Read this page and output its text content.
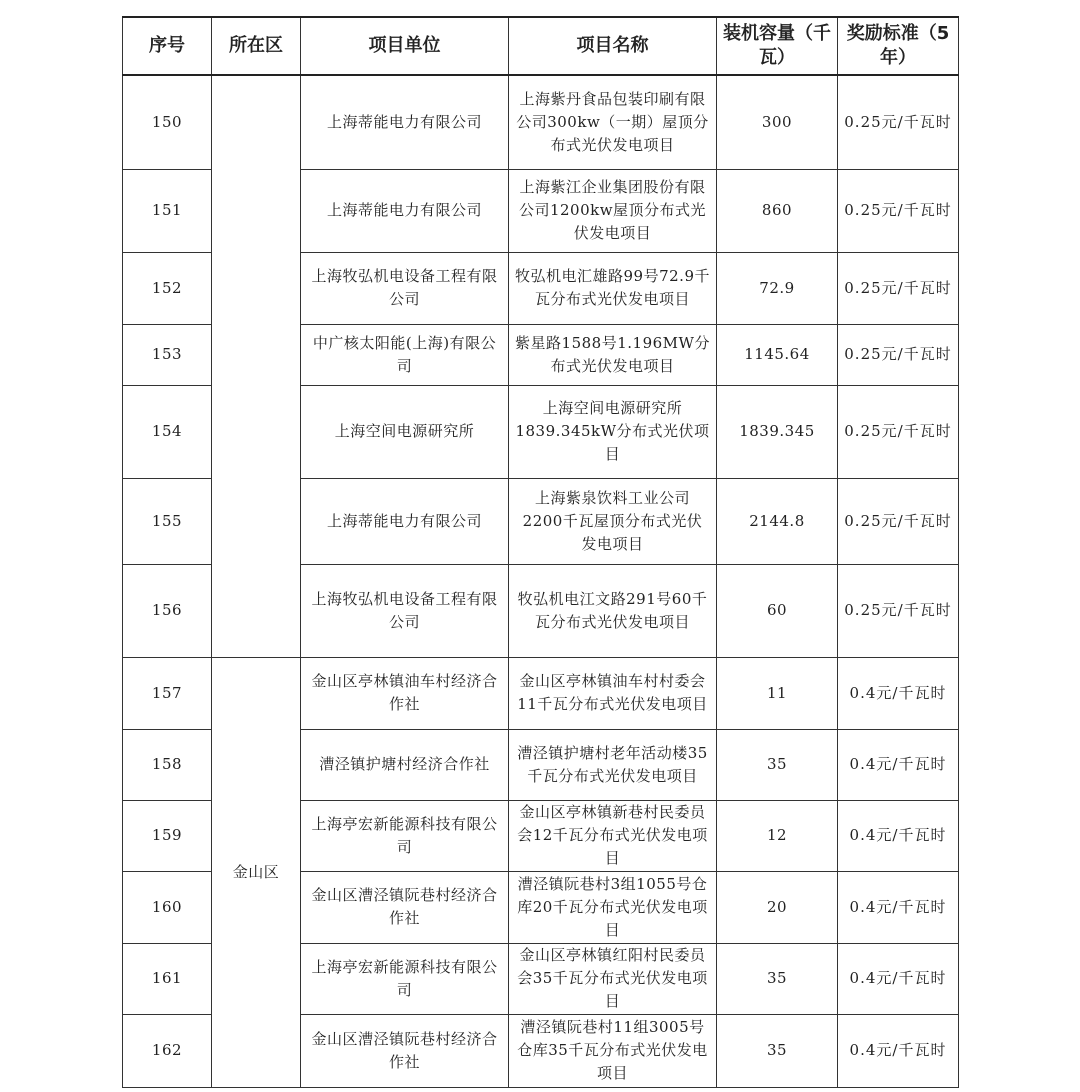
序号	所在区	项目单位	项目名称	装机容量（千瓦）	奖励标准（5年）
150		上海蒂能电力有限公司	上海紫丹食品包装印刷有限公司300kw（一期）屋顶分布式光伏发电项目	300	0.25元/千瓦时
151		上海蒂能电力有限公司	上海紫江企业集团股份有限公司1200kw屋顶分布式光伏发电项目	860	0.25元/千瓦时
152		上海牧弘机电设备工程有限公司	牧弘机电汇雄路99号72.9千瓦分布式光伏发电项目	72.9	0.25元/千瓦时
153		中广核太阳能(上海)有限公司	紫星路1588号1.196MW分布式光伏发电项目	1145.64	0.25元/千瓦时
154		上海空间电源研究所	上海空间电源研究所1839.345kW分布式光伏项目	1839.345	0.25元/千瓦时
155		上海蒂能电力有限公司	上海紫泉饮料工业公司2200千瓦屋顶分布式光伏发电项目	2144.8	0.25元/千瓦时
156		上海牧弘机电设备工程有限公司	牧弘机电江文路291号60千瓦分布式光伏发电项目	60	0.25元/千瓦时
157	金山区	金山区亭林镇油车村经济合作社	金山区亭林镇油车村村委会11千瓦分布式光伏发电项目	11	0.4元/千瓦时
158		漕泾镇护塘村经济合作社	漕泾镇护塘村老年活动楼35千瓦分布式光伏发电项目	35	0.4元/千瓦时
159		上海亭宏新能源科技有限公司	金山区亭林镇新巷村民委员会12千瓦分布式光伏发电项目	12	0.4元/千瓦时
160		金山区漕泾镇阮巷村经济合作社	漕泾镇阮巷村3组1055号仓库20千瓦分布式光伏发电项目	20	0.4元/千瓦时
161		上海亭宏新能源科技有限公司	金山区亭林镇红阳村民委员会35千瓦分布式光伏发电项目	35	0.4元/千瓦时
162		金山区漕泾镇阮巷村经济合作社	漕泾镇阮巷村11组3005号仓库35千瓦分布式光伏发电项目	35	0.4元/千瓦时
